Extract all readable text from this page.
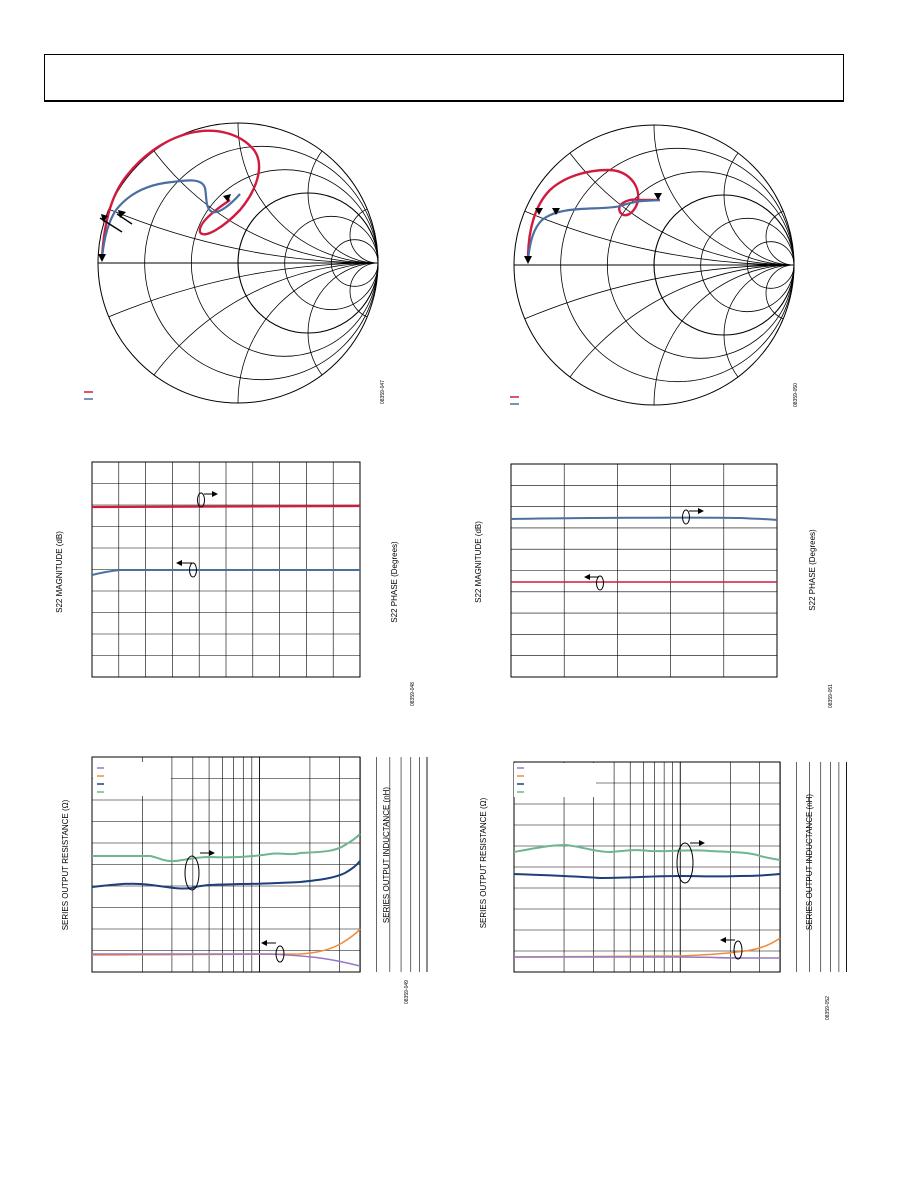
08359-047	08359-050
S22 MAGNITUDE (dB)	S22 PHASE (Degrees)
08359-048
S22 MAGNITUDE (dB)	S22 PHASE (Degrees)
08359-051
SERIES OUTPUT RESISTANCE (Ω)	SERIES OUTPUT INDUCTANCE (nH)
08359-049
SERIES OUTPUT RESISTANCE (Ω)	SERIES OUTPUT INDUCTANCE (nH)
08359-052
